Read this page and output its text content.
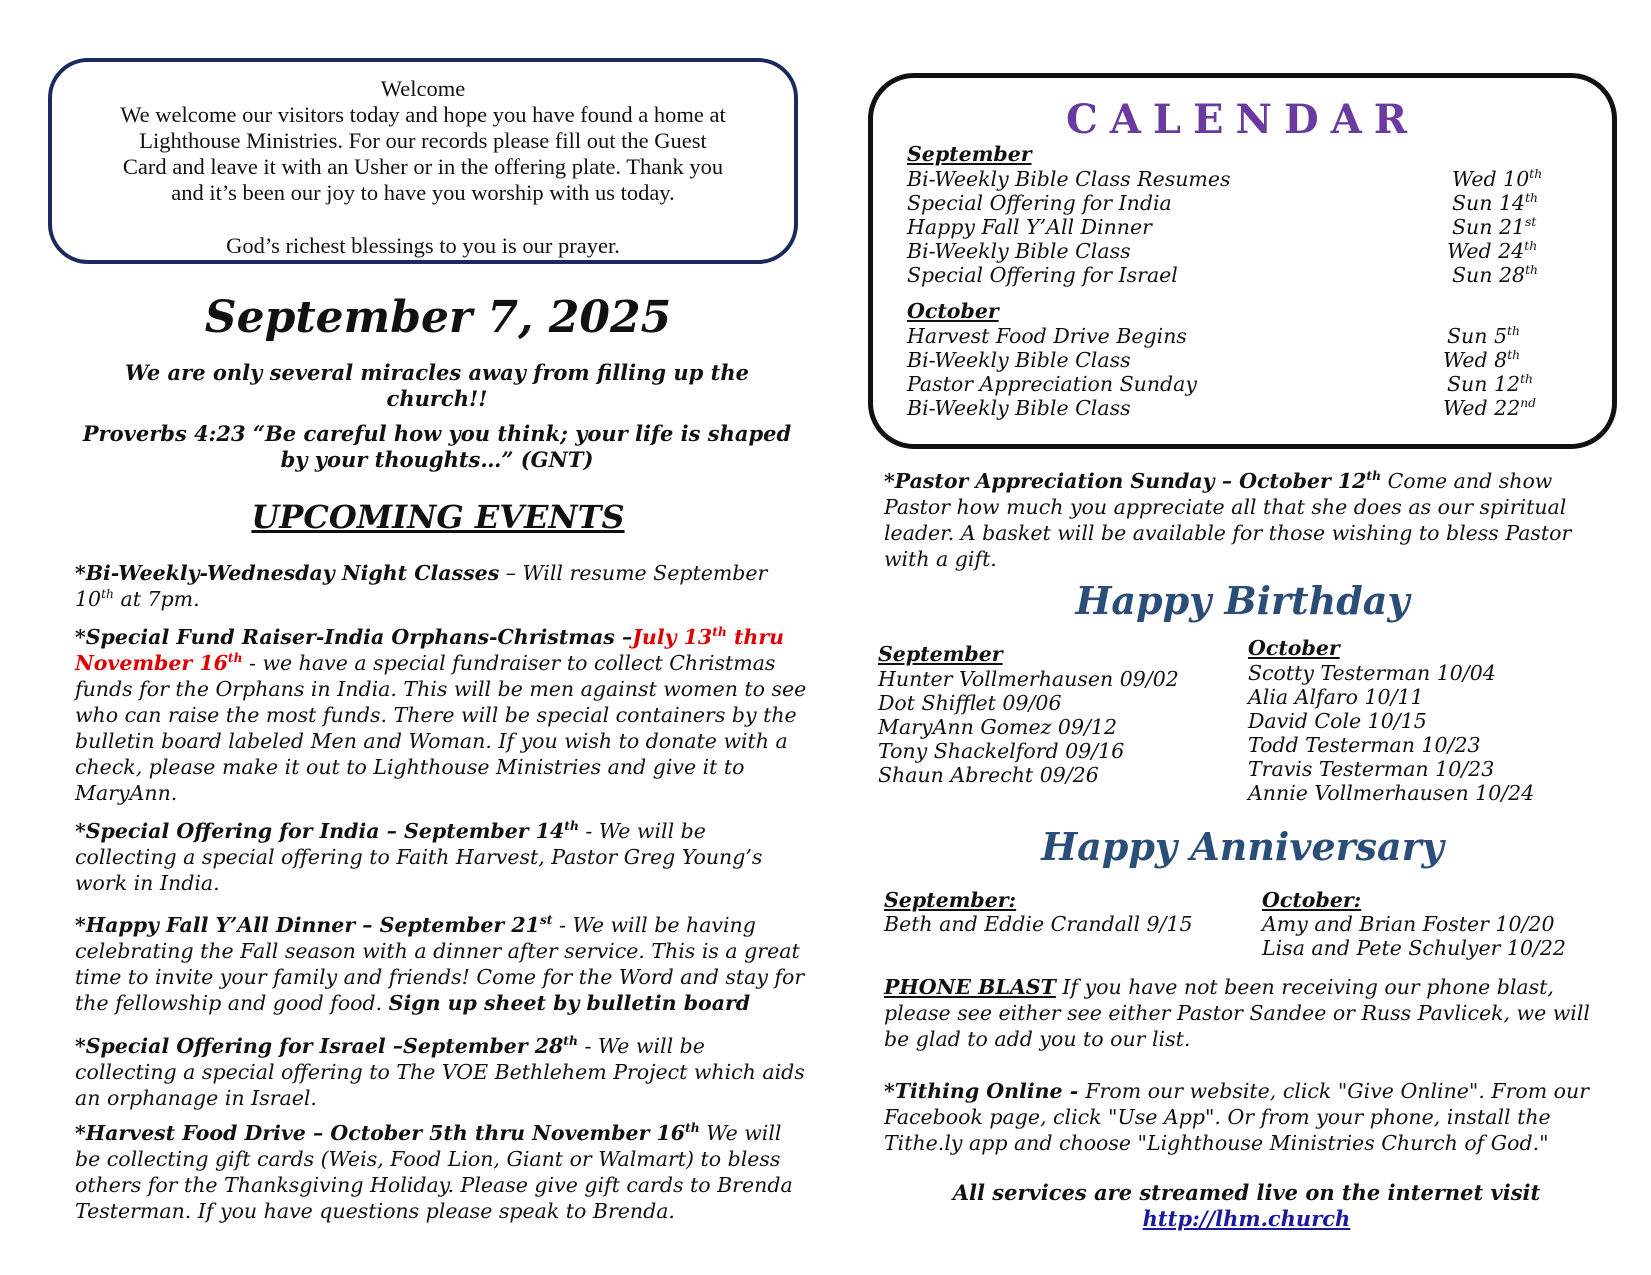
Welcome

We welcome our visitors today and hope you have found a home at

Lighthouse Ministries. For our records please fill out the Guest

Card and leave it with an Usher or in the offering plate. Thank you

and it’s been our joy to have you worship with us today.

God’s richest blessings to you is our prayer.

September 7, 2025
We are only several miracles away from filling up the church!!
Proverbs 4:23 “Be careful how you think; your life is shaped by your thoughts…” (GNT)
UPCOMING EVENTS
*Bi-Weekly-Wednesday Night Classes – Will resume September 10th at 7pm.
*Special Fund Raiser-India Orphans-Christmas –July 13th thru November 16th - we have a special fundraiser to collect Christmas funds for the Orphans in India. This will be men against women to see who can raise the most funds. There will be special containers by the bulletin board labeled Men and Woman. If you wish to donate with a check, please make it out to Lighthouse Ministries and give it to MaryAnn.
*Special Offering for India – September 14th - We will be collecting a special offering to Faith Harvest, Pastor Greg Young’s work in India.
*Happy Fall Y’All Dinner – September 21st - We will be having celebrating the Fall season with a dinner after service. This is a great time to invite your family and friends! Come for the Word and stay for the fellowship and good food. Sign up sheet by bulletin board
*Special Offering for Israel –September 28th - We will be collecting a special offering to The VOE Bethlehem Project which aids an orphanage in Israel.
*Harvest Food Drive – October 5th thru November 16th We will be collecting gift cards (Weis, Food Lion, Giant or Walmart) to bless others for the Thanksgiving Holiday. Please give gift cards to Brenda Testerman. If you have questions please speak to Brenda.
CALENDAR
September
Bi-Weekly Bible Class Resumes	Wed 10th
Special Offering for India	Sun 14th
Happy Fall Y’All Dinner	Sun 21st
Bi-Weekly Bible Class	Wed 24th
Special Offering for Israel	Sun 28th
October
Harvest Food Drive Begins	Sun 5th
Bi-Weekly Bible Class	Wed 8th
Pastor Appreciation Sunday	Sun 12th
Bi-Weekly Bible Class	Wed 22nd
*Pastor Appreciation Sunday – October 12th Come and show Pastor how much you appreciate all that she does as our spiritual leader. A basket will be available for those wishing to bless Pastor with a gift.
Happy Birthday
September
Hunter Vollmerhausen 09/02
Dot Shifflet 09/06
MaryAnn Gomez 09/12
Tony Shackelford 09/16
Shaun Abrecht 09/26
October
Scotty Testerman 10/04
Alia Alfaro 10/11
David Cole 10/15
Todd Testerman 10/23
Travis Testerman 10/23
Annie Vollmerhausen 10/24
Happy Anniversary
September:
Beth and Eddie Crandall 9/15
October:
Amy and Brian Foster 10/20
Lisa and Pete Schulyer 10/22
PHONE BLAST If you have not been receiving our phone blast, please see either see either Pastor Sandee or Russ Pavlicek, we will be glad to add you to our list.
*Tithing Online - From our website, click "Give Online". From our Facebook page, click "Use App". Or from your phone, install the Tithe.ly app and choose "Lighthouse Ministries Church of God."
All services are streamed live on the internet visit
http://lhm.church
